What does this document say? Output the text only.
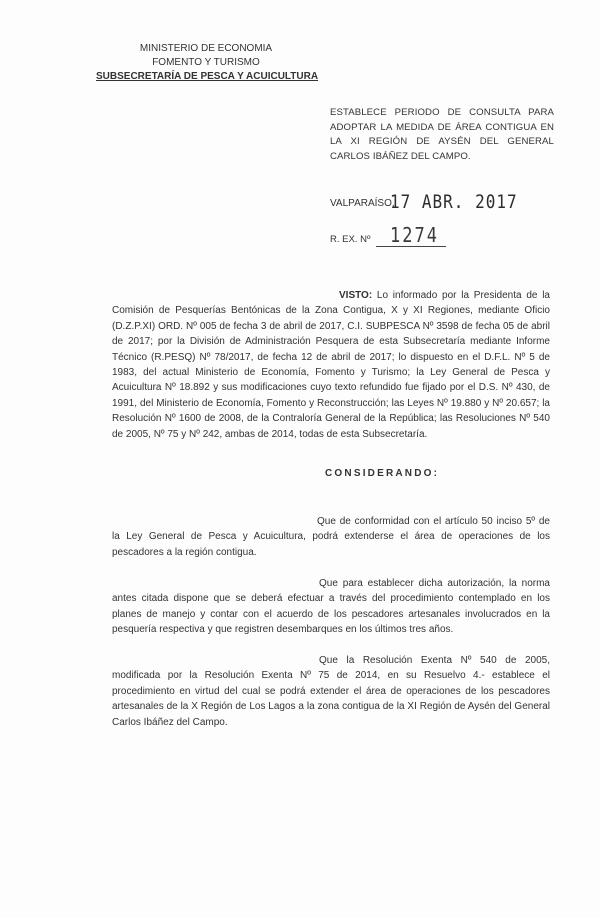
MINISTERIO DE ECONOMIA
FOMENTO Y TURISMO
SUBSECRETARÍA DE PESCA Y ACUICULTURA

ESTABLECE PERIODO DE CONSULTA PARA ADOPTAR LA MEDIDA DE ÁREA CONTIGUA EN LA XI REGIÓN DE AYSÉN DEL GENERAL CARLOS IBÁÑEZ DEL CAMPO.

VALPARAÍSO,
17 ABR. 2017
R. EX. Nº 1274

VISTO: Lo informado por la Presidenta de la Comisión de Pesquerías Bentónicas de la Zona Contigua, X y XI Regiones, mediante Oficio (D.Z.P.XI) ORD. Nº 005 de fecha 3 de abril de 2017, C.I. SUBPESCA Nº 3598 de fecha 05 de abril de 2017; por la División de Administración Pesquera de esta Subsecretaría mediante Informe Técnico (R.PESQ) Nº 78/2017, de fecha 12 de abril de 2017; lo dispuesto en el D.F.L. Nº 5 de 1983, del actual Ministerio de Economía, Fomento y Turismo; la Ley General de Pesca y Acuicultura Nº 18.892 y sus modificaciones cuyo texto refundido fue fijado por el D.S. Nº 430, de 1991, del Ministerio de Economía, Fomento y Reconstrucción; las Leyes Nº 19.880 y Nº 20.657; la Resolución Nº 1600 de 2008, de la Contraloría General de la República; las Resoluciones Nº 540 de 2005, Nº 75 y Nº 242, ambas de 2014, todas de esta Subsecretaría.

CONSIDERANDO:

Que de conformidad con el artículo 50 inciso 5º de la Ley General de Pesca y Acuicultura, podrá extenderse el área de operaciones de los pescadores a la región contigua.

Que para establecer dicha autorización, la norma antes citada dispone que se deberá efectuar a través del procedimiento contemplado en los planes de manejo y contar con el acuerdo de los pescadores artesanales involucrados en la pesquería respectiva y que registren desembarques en los últimos tres años.

Que la Resolución Exenta Nº 540 de 2005, modificada por la Resolución Exenta Nº 75 de 2014, en su Resuelvo 4.- establece el procedimiento en virtud del cual se podrá extender el área de operaciones de los pescadores artesanales de la X Región de Los Lagos a la zona contigua de la XI Región de Aysén del General Carlos Ibáñez del Campo.
